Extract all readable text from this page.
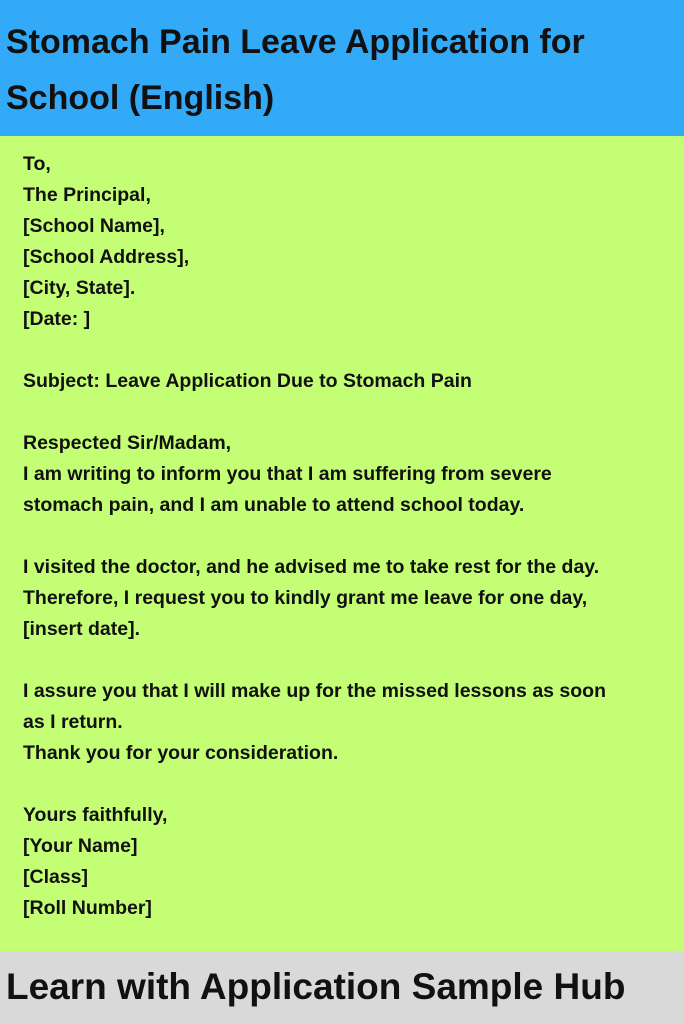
Stomach Pain Leave Application for
School (English)
To,
The Principal,
[School Name],
[School Address],
[City, State].
[Date: ]
Subject: Leave Application Due to Stomach Pain
Respected Sir/Madam,
I am writing to inform you that I am suffering from severe
stomach pain, and I am unable to attend school today.
I visited the doctor, and he advised me to take rest for the day.
Therefore, I request you to kindly grant me leave for one day,
[insert date].
I assure you that I will make up for the missed lessons as soon
as I return.
Thank you for your consideration.
Yours faithfully,
[Your Name]
[Class]
[Roll Number]
Learn with Application Sample Hub
